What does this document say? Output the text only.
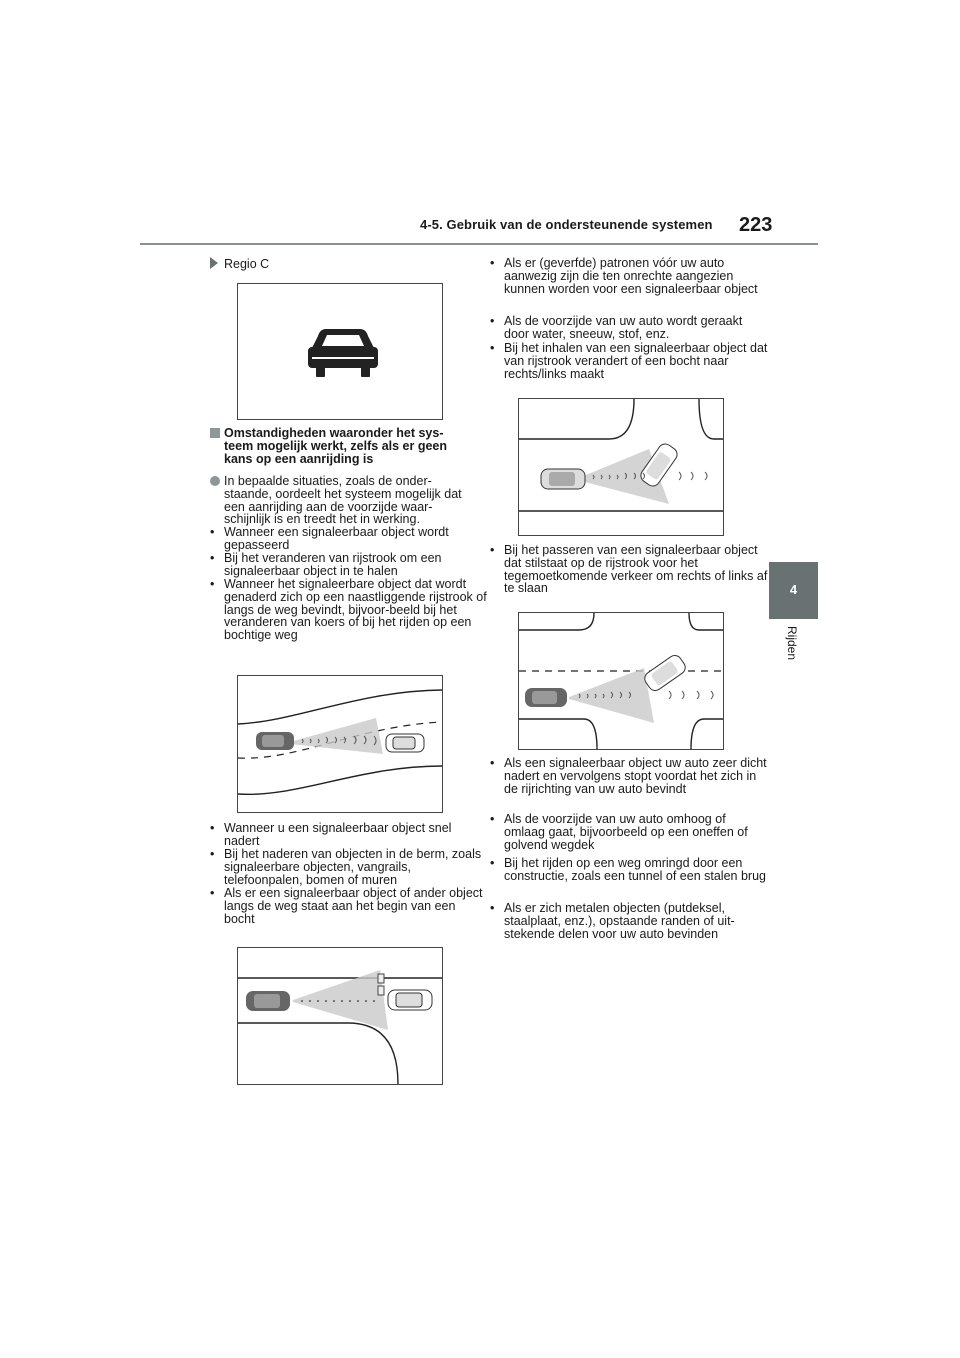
4-5. Gebruik van de ondersteunende systemen 223
4
Rijden
Regio C
Omstandigheden waaronder het sys-
teem mogelijk werkt, zelfs als er geen
kans op een aanrijding is
In bepaalde situaties, zoals de onder-
staande, oordeelt het systeem mogelijk dat
een aanrijding aan de voorzijde waar-
schijnlijk is en treedt het in werking.
• Wanneer een signaleerbaar object wordt gepasseerd
• Bij het veranderen van rijstrook om een signaleerbaar object in te halen
• Wanneer het signaleerbare object dat wordt genaderd zich op een naastliggende rijstrook of langs de weg bevindt, bijvoor-beeld bij het veranderen van koers of bij het rijden op een bochtige weg
• Wanneer u een signaleerbaar object snel nadert
• Bij het naderen van objecten in de berm, zoals signaleerbare objecten, vangrails, telefoonpalen, bomen of muren
• Als er een signaleerbaar object of ander object langs de weg staat aan het begin van een bocht
• Als er (geverfde) patronen vóór uw auto aanwezig zijn die ten onrechte aangezien kunnen worden voor een signaleerbaar object
• Als de voorzijde van uw auto wordt geraakt door water, sneeuw, stof, enz.
• Bij het inhalen van een signaleerbaar object dat van rijstrook verandert of een bocht naar rechts/links maakt
• Bij het passeren van een signaleerbaar object dat stilstaat op de rijstrook voor het tegemoetkomende verkeer om rechts of links af te slaan
• Als een signaleerbaar object uw auto zeer dicht nadert en vervolgens stopt voordat het zich in de rijrichting van uw auto bevindt
• Als de voorzijde van uw auto omhoog of omlaag gaat, bijvoorbeeld op een oneffen of golvend wegdek
• Bij het rijden op een weg omringd door een constructie, zoals een tunnel of een stalen brug
• Als er zich metalen objecten (putdeksel, staalplaat, enz.), opstaande randen of uit-stekende delen voor uw auto bevinden
